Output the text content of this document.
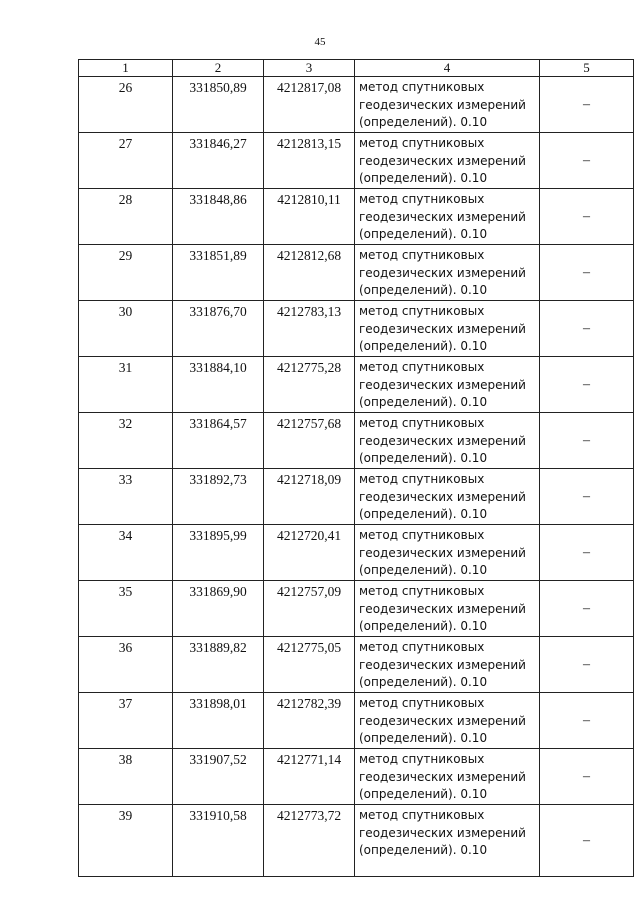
45
1	2	3	4	5
26	331850,89	4212817,08	метод спутниковых
геодезических измерений
(определений). 0.10	–
27	331846,27	4212813,15	метод спутниковых
геодезических измерений
(определений). 0.10	–
28	331848,86	4212810,11	метод спутниковых
геодезических измерений
(определений). 0.10	–
29	331851,89	4212812,68	метод спутниковых
геодезических измерений
(определений). 0.10	–
30	331876,70	4212783,13	метод спутниковых
геодезических измерений
(определений). 0.10	–
31	331884,10	4212775,28	метод спутниковых
геодезических измерений
(определений). 0.10	–
32	331864,57	4212757,68	метод спутниковых
геодезических измерений
(определений). 0.10	–
33	331892,73	4212718,09	метод спутниковых
геодезических измерений
(определений). 0.10	–
34	331895,99	4212720,41	метод спутниковых
геодезических измерений
(определений). 0.10	–
35	331869,90	4212757,09	метод спутниковых
геодезических измерений
(определений). 0.10	–
36	331889,82	4212775,05	метод спутниковых
геодезических измерений
(определений). 0.10	–
37	331898,01	4212782,39	метод спутниковых
геодезических измерений
(определений). 0.10	–
38	331907,52	4212771,14	метод спутниковых
геодезических измерений
(определений). 0.10	–
39	331910,58	4212773,72	метод спутниковых
геодезических измерений
(определений). 0.10	–
